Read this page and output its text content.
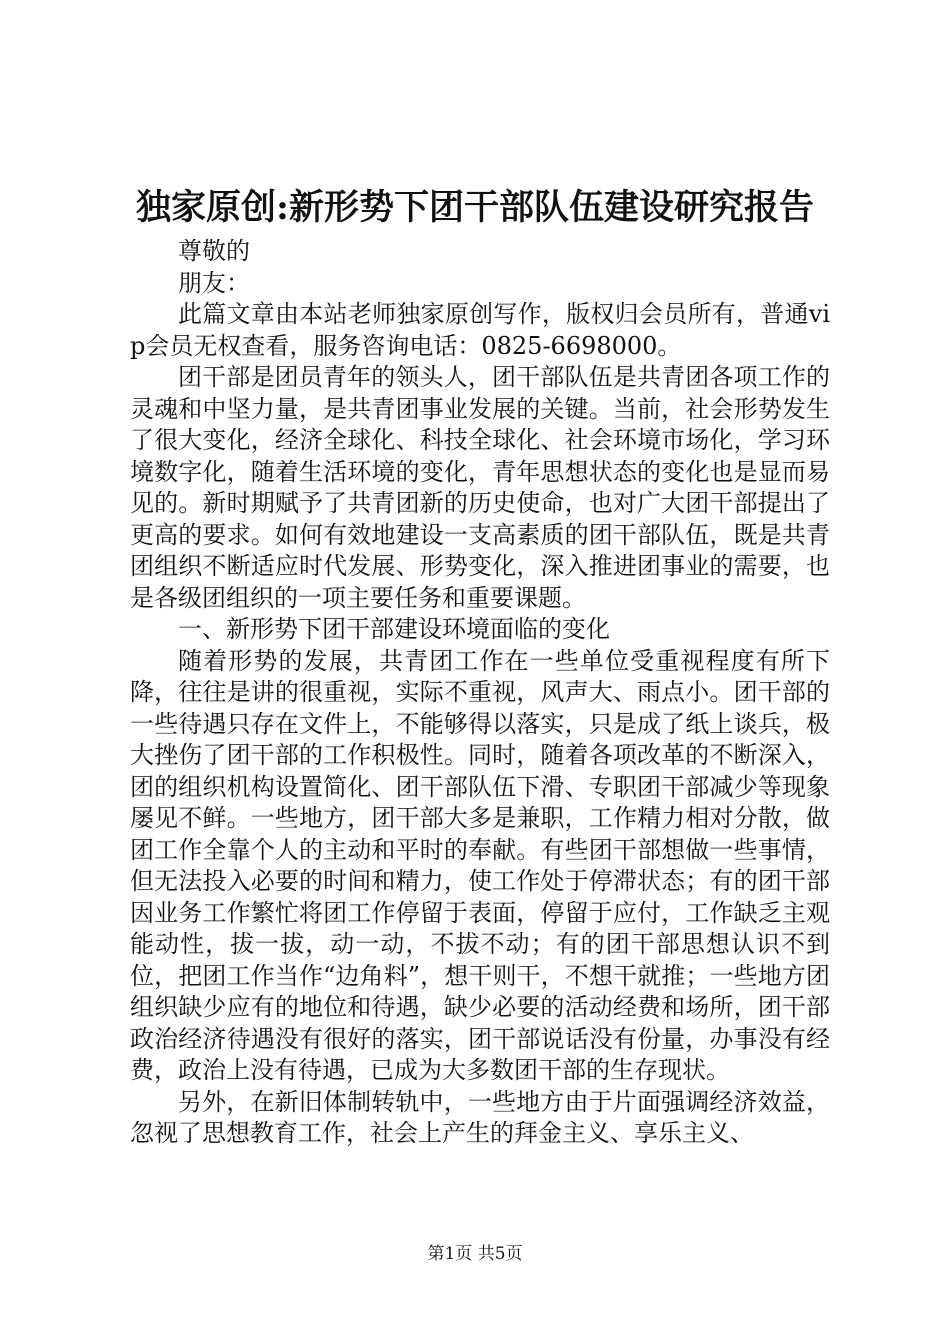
独家原创:新形势下团干部队伍建设研究报告

尊敬的

朋友：

此篇文章由本站老师独家原创写作，版权归会员所有，普通vip会员无权查看，服务咨询电话：0825-6698000。

团干部是团员青年的领头人，团干部队伍是共青团各项工作的灵魂和中坚力量，是共青团事业发展的关键。当前，社会形势发生了很大变化，经济全球化、科技全球化、社会环境市场化，学习环境数字化，随着生活环境的变化，青年思想状态的变化也是显而易见的。新时期赋予了共青团新的历史使命，也对广大团干部提出了更高的要求。如何有效地建设一支高素质的团干部队伍，既是共青团组织不断适应时代发展、形势变化，深入推进团事业的需要，也是各级团组织的一项主要任务和重要课题。

一、新形势下团干部建设环境面临的变化

随着形势的发展，共青团工作在一些单位受重视程度有所下降，往往是讲的很重视，实际不重视，风声大、雨点小。团干部的一些待遇只存在文件上，不能够得以落实，只是成了纸上谈兵，极大挫伤了团干部的工作积极性。同时，随着各项改革的不断深入，团的组织机构设置简化、团干部队伍下滑、专职团干部减少等现象屡见不鲜。一些地方，团干部大多是兼职，工作精力相对分散，做团工作全靠个人的主动和平时的奉献。有些团干部想做一些事情，但无法投入必要的时间和精力，使工作处于停滞状态；有的团干部因业务工作繁忙将团工作停留于表面，停留于应付，工作缺乏主观能动性，拔一拔，动一动，不拔不动；有的团干部思想认识不到位，把团工作当作“边角料”，想干则干，不想干就推；一些地方团组织缺少应有的地位和待遇，缺少必要的活动经费和场所，团干部政治经济待遇没有很好的落实，团干部说话没有份量，办事没有经费，政治上没有待遇，已成为大多数团干部的生存现状。

另外，在新旧体制转轨中，一些地方由于片面强调经济效益，忽视了思想教育工作，社会上产生的拜金主义、享乐主义、

第1页 共5页
